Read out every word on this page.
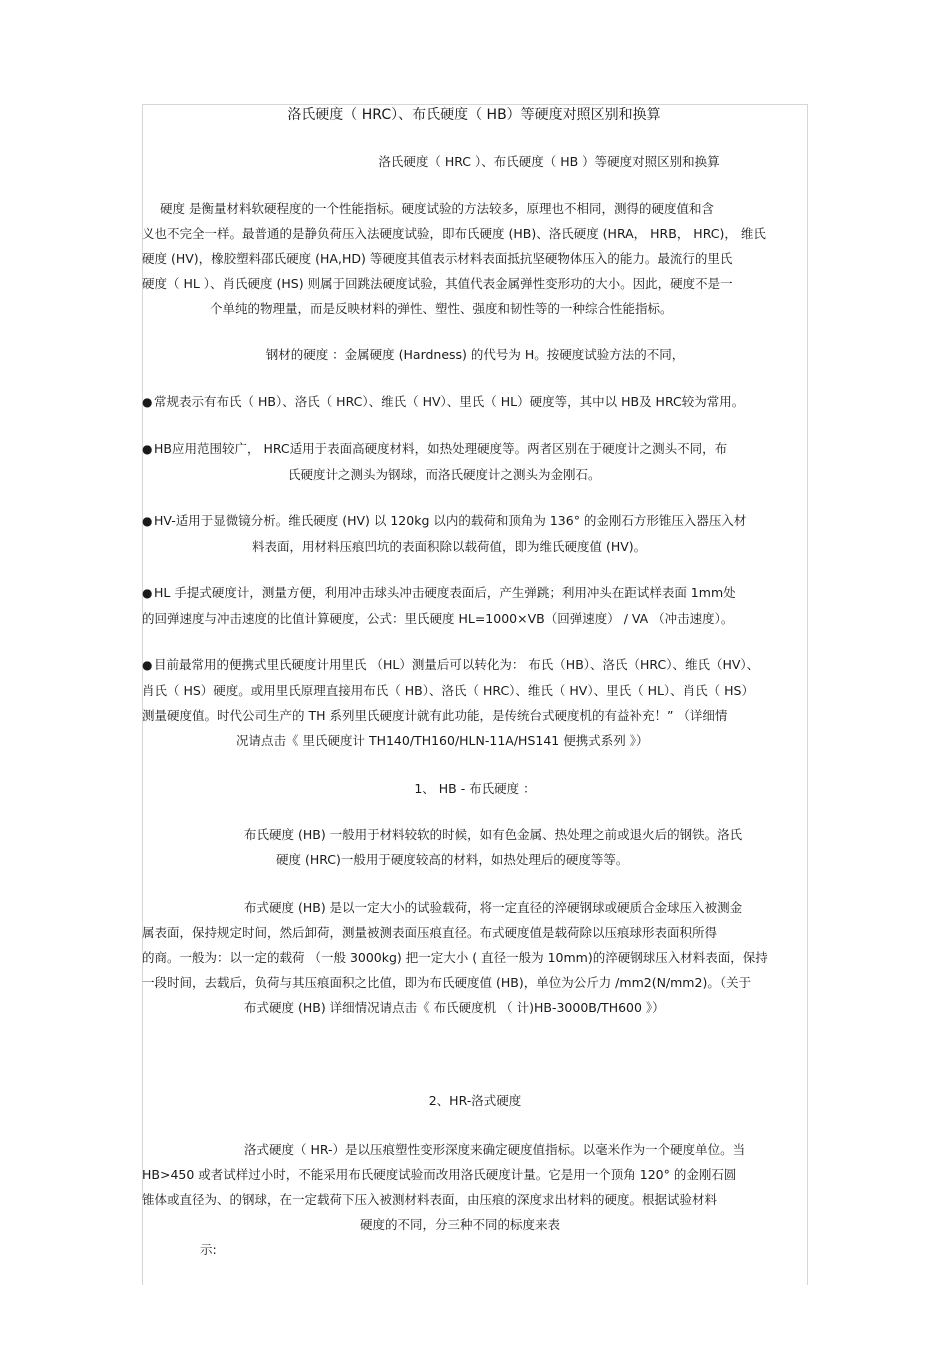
洛氏硬度（ HRC）、布氏硬度（ HB）等硬度对照区别和换算
洛氏硬度（ HRC ）、布氏硬度（ HB ）等硬度对照区别和换算

硬度 是衡量材料软硬程度的一个性能指标。硬度试验的方法较多，原理也不相同，测得的硬度值和含

义也不完全一样。最普通的是静负荷压入法硬度试验，即布氏硬度 (HB)、洛氏硬度 (HRA， HRB， HRC)， 维氏

硬度 (HV)，橡胶塑料邵氏硬度 (HA,HD) 等硬度其值表示材料表面抵抗坚硬物体压入的能力。最流行的里氏

硬度（ HL ）、肖氏硬度 (HS) 则属于回跳法硬度试验，其值代表金属弹性变形功的大小。因此，硬度不是一

个单纯的物理量，而是反映材料的弹性、塑性、强度和韧性等的一种综合性能指标。

钢材的硬度 ：金属硬度 (Hardness) 的代号为 H。按硬度试验方法的不同，

● 常规表示有布氏（ HB）、洛氏（ HRC）、维氏（ HV）、里氏（ HL）硬度等，其中以 HB及 HRC较为常用。

● HB应用范围较广， HRC适用于表面高硬度材料，如热处理硬度等。两者区别在于硬度计之测头不同，布

氏硬度计之测头为钢球，而洛氏硬度计之测头为金刚石。

● HV-适用于显微镜分析。维氏硬度 (HV) 以 120kg 以内的载荷和顶角为 136° 的金刚石方形锥压入器压入材

料表面，用材料压痕凹坑的表面积除以载荷值，即为维氏硬度值 (HV)。

● HL 手提式硬度计，测量方便，利用冲击球头冲击硬度表面后，产生弹跳；利用冲头在距试样表面 1mm处

的回弹速度与冲击速度的比值计算硬度，公式：里氏硬度 HL=1000×VB（回弹速度） / VA （冲击速度）。

● 目前最常用的便携式里氏硬度计用里氏 （HL）测量后可以转化为： 布氏（HB）、洛氏（HRC）、维氏（HV）、

肖氏（ HS）硬度。或用里氏原理直接用布氏（ HB）、洛氏（ HRC）、维氏（ HV）、里氏（ HL）、肖氏（ HS）

测量硬度值。时代公司生产的 TH 系列里氏硬度计就有此功能，是传统台式硬度机的有益补充！” （详细情

况请点击《 里氏硬度计 TH140/TH160/HLN-11A/HS141 便携式系列 》）

1、 HB - 布氏硬度 ：

布氏硬度 (HB) 一般用于材料较软的时候，如有色金属、热处理之前或退火后的钢铁。洛氏

硬度 (HRC)一般用于硬度较高的材料，如热处理后的硬度等等。

布式硬度 (HB) 是以一定大小的试验载荷，将一定直径的淬硬钢球或硬质合金球压入被测金

属表面，保持规定时间，然后卸荷，测量被测表面压痕直径。布式硬度值是载荷除以压痕球形表面积所得

的商。一般为：以一定的载荷 （一般 3000kg) 把一定大小 ( 直径一般为 10mm)的淬硬钢球压入材料表面，保持

一段时间，去载后，负荷与其压痕面积之比值，即为布氏硬度值 (HB)，单位为公斤力 /mm2(N/mm2)。（关于

布式硬度 (HB) 详细情况请点击《 布氏硬度机 （ 计)HB-3000B/TH600 》）

2、HR-洛式硬度

洛式硬度（ HR-）是以压痕塑性变形深度来确定硬度值指标。以毫米作为一个硬度单位。当

HB>450 或者试样过小时，不能采用布氏硬度试验而改用洛氏硬度计量。它是用一个顶角 120° 的金刚石圆

锥体或直径为、的钢球，在一定载荷下压入被测材料表面，由压痕的深度求出材料的硬度。根据试验材料

硬度的不同，分三种不同的标度来表

示:
